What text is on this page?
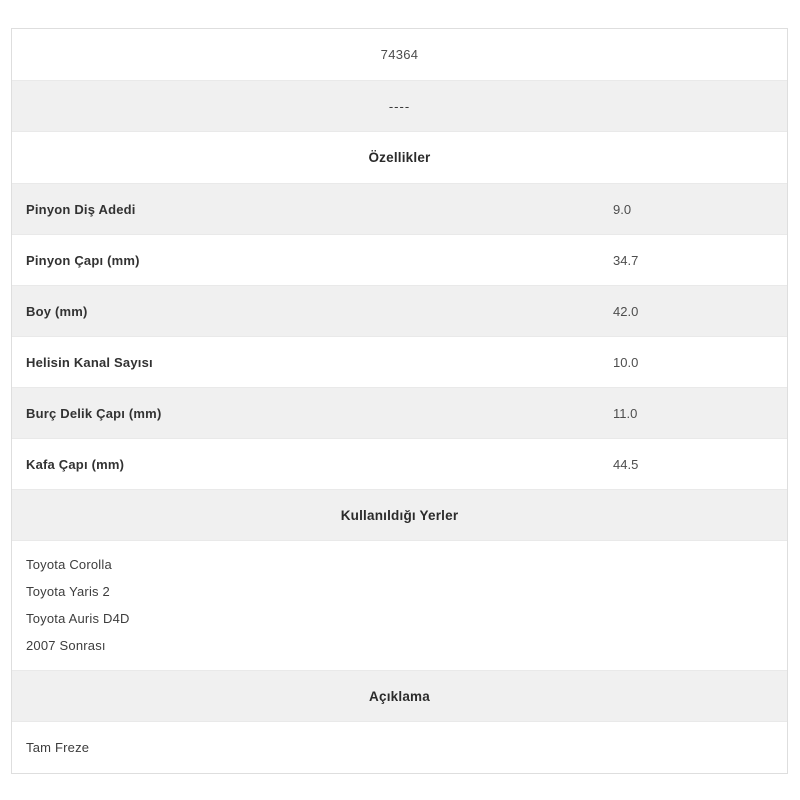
74364
----
Özellikler
Pinyon Diş Adedi	9.0
Pinyon Çapı (mm)	34.7
Boy (mm)	42.0
Helisin Kanal Sayısı	10.0
Burç Delik Çapı (mm)	11.0
Kafa Çapı (mm)	44.5
Kullanıldığı Yerler
Toyota Corolla
Toyota Yaris 2
Toyota Auris D4D
2007 Sonrası
Açıklama
Tam Freze
